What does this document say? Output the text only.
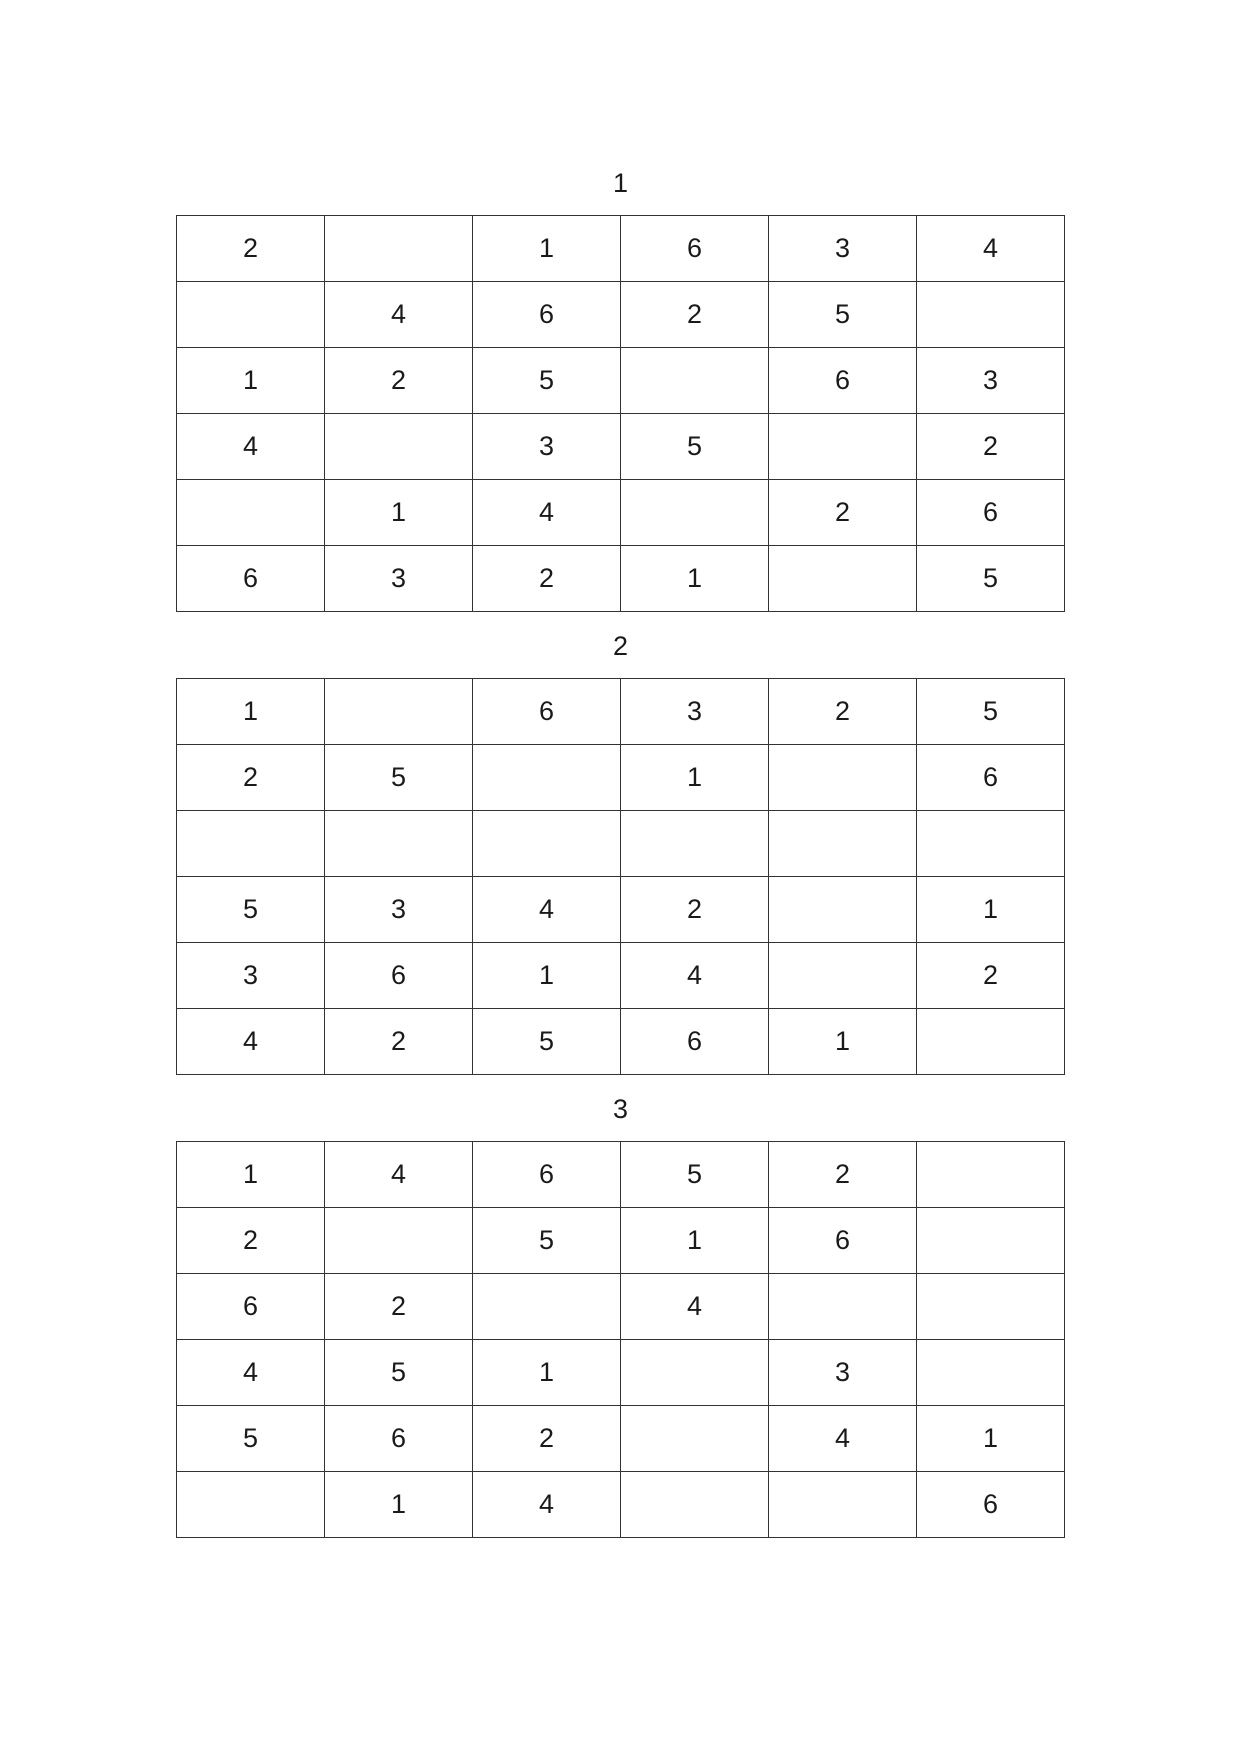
1
2		1	6	3	4
	4	6	2	5	
1	2	5		6	3
4		3	5		2
	1	4		2	6
6	3	2	1		5
2
1		6	3	2	5
2	5		1		6

5	3	4	2		1
3	6	1	4		2
4	2	5	6	1	
3
1	4	6	5	2	
2		5	1	6	
6	2		4		
4	5	1		3	
5	6	2		4	1
	1	4			6
